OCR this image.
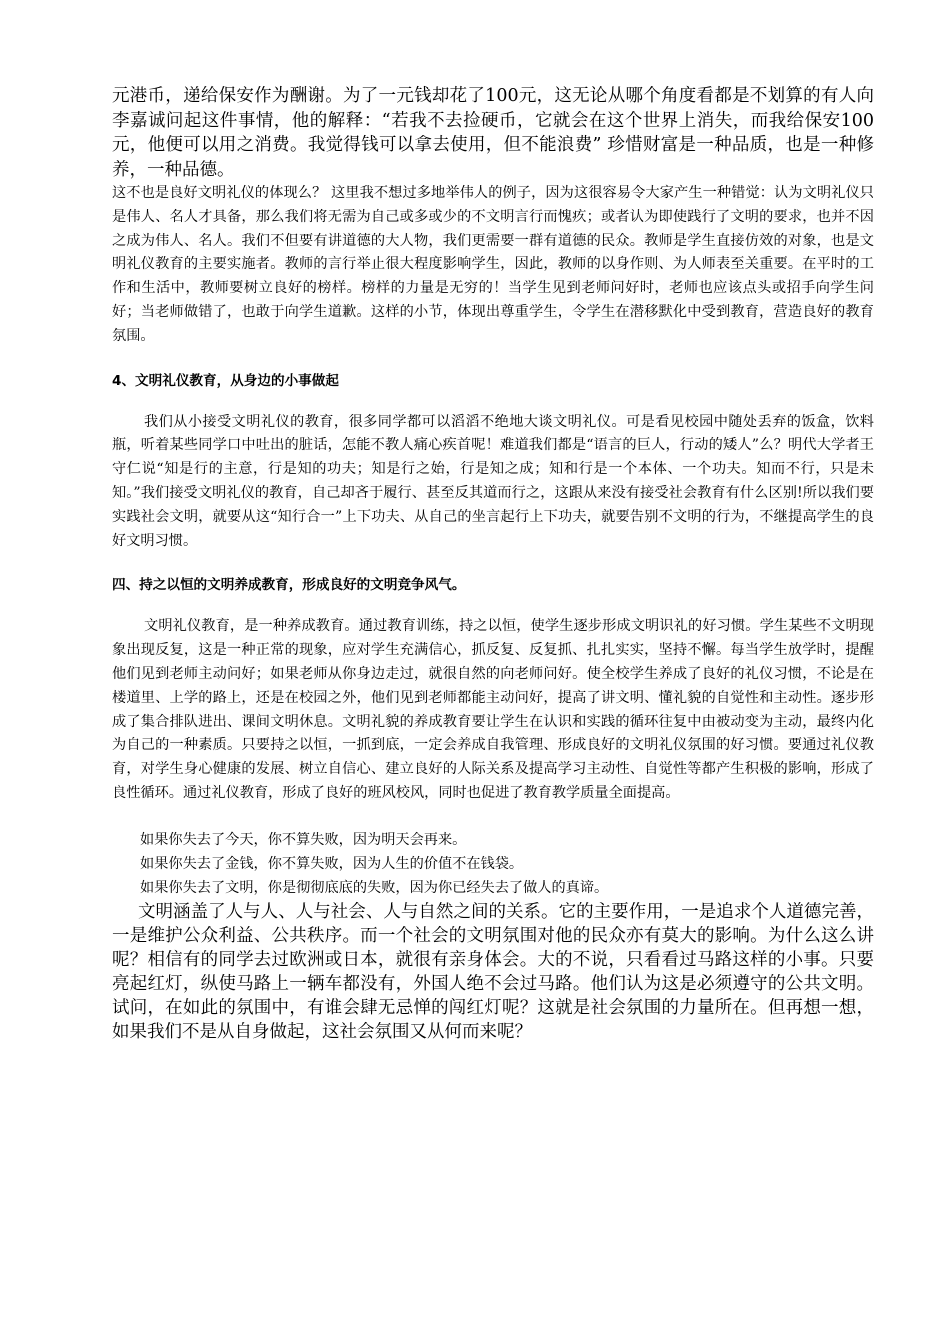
元港币，递给保安作为酬谢。为了一元钱却花了100元，这无论从哪个角度看都是不划算的有人向李嘉诚问起这件事情，他的解释：“若我不去捡硬币，它就会在这个世界上消失，而我给保安100元，他便可以用之消费。我觉得钱可以拿去使用，但不能浪费” 珍惜财富是一种品质，也是一种修养，一种品德。

这不也是良好文明礼仪的体现么？ 这里我不想过多地举伟人的例子，因为这很容易令大家产生一种错觉：认为文明礼仪只是伟人、名人才具备，那么我们将无需为自己或多或少的不文明言行而愧疚；或者认为即使践行了文明的要求，也并不因之成为伟人、名人。我们不但要有讲道德的大人物，我们更需要一群有道德的民众。教师是学生直接仿效的对象，也是文明礼仪教育的主要实施者。教师的言行举止很大程度影响学生，因此，教师的以身作则、为人师表至关重要。在平时的工作和生活中，教师要树立良好的榜样。榜样的力量是无穷的！当学生见到老师问好时，老师也应该点头或招手向学生问好；当老师做错了，也敢于向学生道歉。这样的小节，体现出尊重学生，令学生在潜移默化中受到教育，营造良好的教育氛围。

4、文明礼仪教育，从身边的小事做起

我们从小接受文明礼仪的教育，很多同学都可以滔滔不绝地大谈文明礼仪。可是看见校园中随处丢弃的饭盒，饮料瓶，听着某些同学口中吐出的脏话，怎能不教人痛心疾首呢！难道我们都是“语言的巨人，行动的矮人”么？明代大学者王守仁说“知是行的主意，行是知的功夫；知是行之始，行是知之成；知和行是一个本体、一个功夫。知而不行，只是未知。”我们接受文明礼仪的教育，自己却吝于履行、甚至反其道而行之，这跟从来没有接受社会教育有什么区别!所以我们要实践社会文明，就要从这“知行合一”上下功夫、从自己的坐言起行上下功夫，就要告别不文明的行为，不继提高学生的良好文明习惯。

四、持之以恒的文明养成教育，形成良好的文明竞争风气。

文明礼仪教育，是一种养成教育。通过教育训练，持之以恒，使学生逐步形成文明识礼的好习惯。学生某些不文明现象出现反复，这是一种正常的现象，应对学生充满信心，抓反复、反复抓、扎扎实实，坚持不懈。每当学生放学时，提醒他们见到老师主动问好；如果老师从你身边走过，就很自然的向老师问好。使全校学生养成了良好的礼仪习惯，不论是在楼道里、上学的路上，还是在校园之外，他们见到老师都能主动问好，提高了讲文明、懂礼貌的自觉性和主动性。逐步形成了集合排队进出、课间文明休息。文明礼貌的养成教育要让学生在认识和实践的循环往复中由被动变为主动，最终内化为自己的一种素质。只要持之以恒，一抓到底，一定会养成自我管理、形成良好的文明礼仪氛围的好习惯。要通过礼仪教育，对学生身心健康的发展、树立自信心、建立良好的人际关系及提高学习主动性、自觉性等都产生积极的影响，形成了良性循环。通过礼仪教育，形成了良好的班风校风，同时也促进了教育教学质量全面提高。

如果你失去了今天，你不算失败，因为明天会再来。

如果你失去了金钱，你不算失败，因为人生的价值不在钱袋。

如果你失去了文明，你是彻彻底底的失败，因为你已经失去了做人的真谛。

文明涵盖了人与人、人与社会、人与自然之间的关系。它的主要作用，一是追求个人道德完善，一是维护公众利益、公共秩序。而一个社会的文明氛围对他的民众亦有莫大的影响。为什么这么讲呢？相信有的同学去过欧洲或日本，就很有亲身体会。大的不说，只看看过马路这样的小事。只要亮起红灯，纵使马路上一辆车都没有，外国人绝不会过马路。他们认为这是必须遵守的公共文明。试问，在如此的氛围中，有谁会肆无忌惮的闯红灯呢？这就是社会氛围的力量所在。但再想一想，如果我们不是从自身做起，这社会氛围又从何而来呢？
